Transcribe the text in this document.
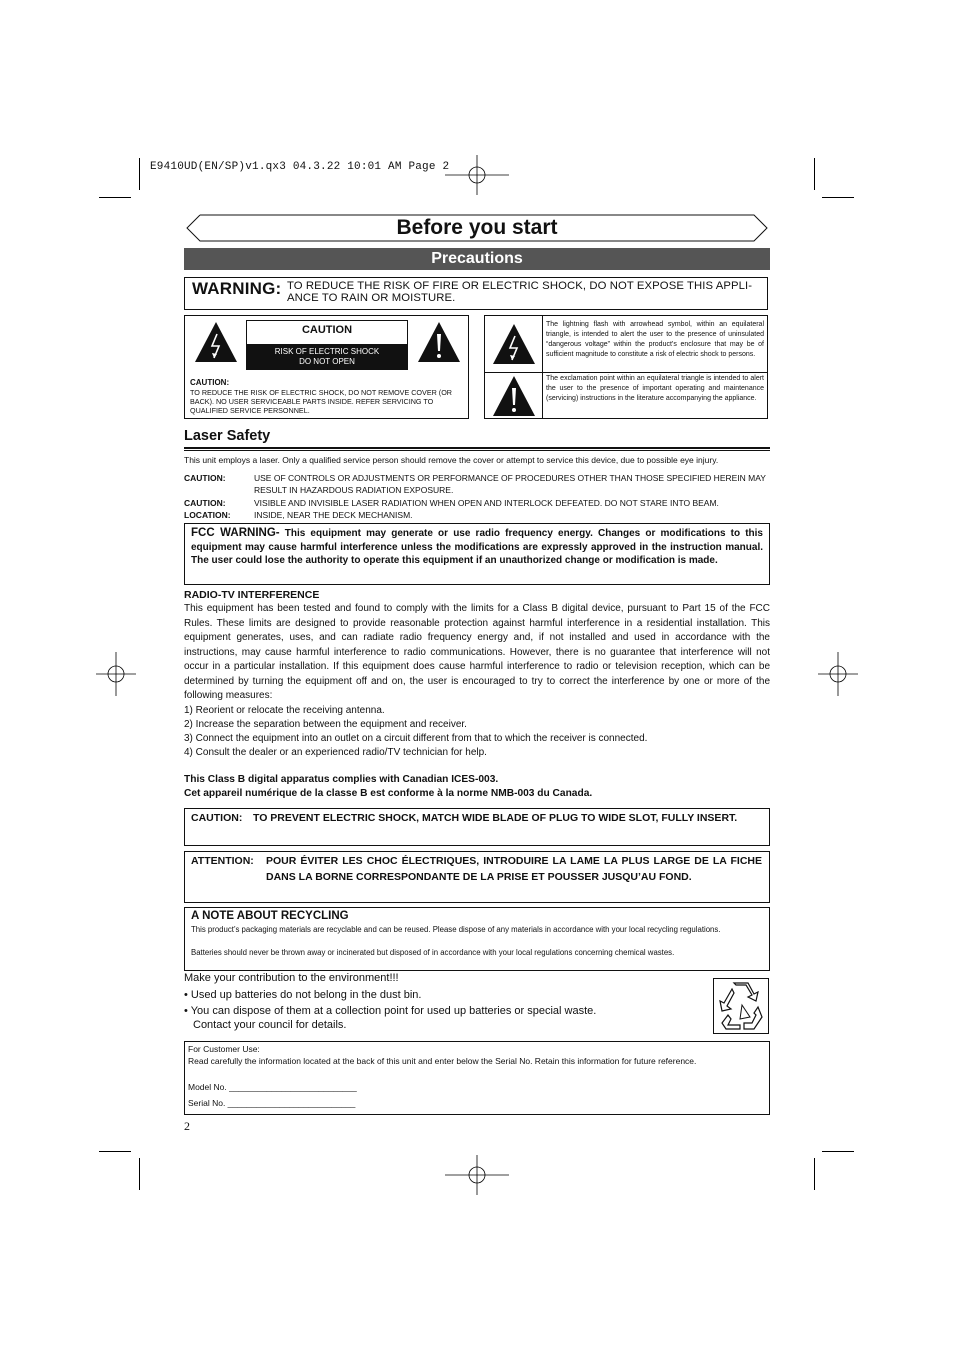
E9410UD(EN/SP)v1.qx3 04.3.22 10:01 AM Page 2
Before you start
Precautions
WARNING: TO REDUCE THE RISK OF FIRE OR ELECTRIC SHOCK, DO NOT EXPOSE THIS APPLI- ANCE TO RAIN OR MOISTURE.
CAUTION
RISK OF ELECTRIC SHOCK
DO NOT OPEN
CAUTION:
TO REDUCE THE RISK OF ELECTRIC SHOCK, DO NOT REMOVE COVER (OR BACK). NO USER SERVICEABLE PARTS INSIDE. REFER SERVICING TO QUALIFIED SERVICE PERSONNEL.
The lightning flash with arrowhead symbol, within an equilateral triangle, is intended to alert the user to the presence of uninsulated “dangerous voltage” within the product’s enclosure that may be of sufficient magnitude to constitute a risk of electric shock to persons.
The exclamation point within an equilateral triangle is intended to alert the user to the presence of important operating and maintenance (servicing) instructions in the literature accompanying the appliance.
Laser Safety
This unit employs a laser. Only a qualified service person should remove the cover or attempt to service this device, due to possible eye injury.
CAUTION:	USE OF CONTROLS OR ADJUSTMENTS OR PERFORMANCE OF PROCEDURES OTHER THAN THOSE SPECIFIED HEREIN MAY RESULT IN HAZARDOUS RADIATION EXPOSURE.
CAUTION:	VISIBLE AND INVISIBLE LASER RADIATION WHEN OPEN AND INTERLOCK DEFEATED. DO NOT STARE INTO BEAM.
LOCATION:	INSIDE, NEAR THE DECK MECHANISM.
FCC WARNING- This equipment may generate or use radio frequency energy. Changes or modifications to this equipment may cause harmful interference unless the modifications are expressly approved in the instruction manual. The user could lose the authority to operate this equipment if an unauthorized change or modification is made.
RADIO-TV INTERFERENCE
This equipment has been tested and found to comply with the limits for a Class B digital device, pursuant to Part 15 of the FCC Rules. These limits are designed to provide reasonable protection against harmful interference in a residential installation. This equipment generates, uses, and can radiate radio frequency energy and, if not installed and used in accordance with the instructions, may cause harmful interference to radio communications. However, there is no guarantee that interference will not occur in a particular installation. If this equipment does cause harmful interference to radio or television reception, which can be determined by turning the equipment off and on, the user is encouraged to try to correct the interference by one or more of the following measures:
1) Reorient or relocate the receiving antenna.
2) Increase the separation between the equipment and receiver.
3) Connect the equipment into an outlet on a circuit different from that to which the receiver is connected.
4) Consult the dealer or an experienced radio/TV technician for help.
This Class B digital apparatus complies with Canadian ICES-003.
Cet appareil numérique de la classe B est conforme à la norme NMB-003 du Canada.
CAUTION: TO PREVENT ELECTRIC SHOCK, MATCH WIDE BLADE OF PLUG TO WIDE SLOT, FULLY INSERT.
ATTENTION: POUR ÉVITER LES CHOC ÉLECTRIQUES, INTRODUIRE LA LAME LA PLUS LARGE DE LA FICHE DANS LA BORNE CORRESPONDANTE DE LA PRISE ET POUSSER JUSQU’AU FOND.
A NOTE ABOUT RECYCLING
This product’s packaging materials are recyclable and can be reused. Please dispose of any materials in accordance with your local recycling regulations.
Batteries should never be thrown away or incinerated but disposed of in accordance with your local regulations concerning chemical wastes.
Make your contribution to the environment!!!
• Used up batteries do not belong in the dust bin.
• You can dispose of them at a collection point for used up batteries or special waste.
Contact your council for details.
For Customer Use:
Read carefully the information located at the back of this unit and enter below the Serial No. Retain this information for future reference.
Model No. ___________________________
Serial No. ___________________________
2
